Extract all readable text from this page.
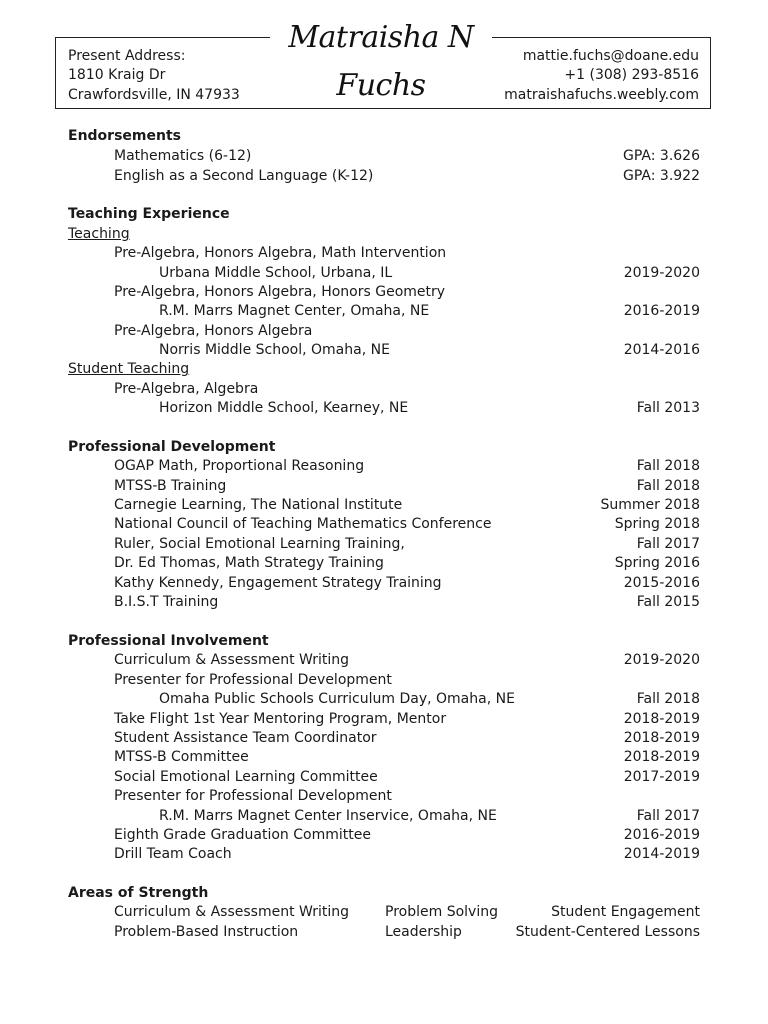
Matraisha N Fuchs
Present Address:
1810 Kraig Dr
Crawfordsville, IN 47933
mattie.fuchs@doane.edu
+1 (308) 293-8516
matraishafuchs.weebly.com
Endorsements
Mathematics (6-12)	GPA: 3.626
English as a Second Language (K-12)	GPA: 3.922
Teaching Experience
Teaching
Pre-Algebra, Honors Algebra, Math Intervention
Urbana Middle School, Urbana, IL	2019-2020
Pre-Algebra, Honors Algebra, Honors Geometry
R.M. Marrs Magnet Center, Omaha, NE	2016-2019
Pre-Algebra, Honors Algebra
Norris Middle School, Omaha, NE	2014-2016
Student Teaching
Pre-Algebra, Algebra
Horizon Middle School, Kearney, NE	Fall 2013
Professional Development
OGAP Math, Proportional Reasoning	Fall 2018
MTSS-B Training	Fall 2018
Carnegie Learning, The National Institute	Summer 2018
National Council of Teaching Mathematics Conference	Spring 2018
Ruler, Social Emotional Learning Training,	Fall 2017
Dr. Ed Thomas, Math Strategy Training	Spring 2016
Kathy Kennedy, Engagement Strategy Training	2015-2016
B.I.S.T Training	Fall 2015
Professional Involvement
Curriculum & Assessment Writing	2019-2020
Presenter for Professional Development
Omaha Public Schools Curriculum Day, Omaha, NE	Fall 2018
Take Flight 1st Year Mentoring Program, Mentor	2018-2019
Student Assistance Team Coordinator	2018-2019
MTSS-B Committee	2018-2019
Social Emotional Learning Committee	2017-2019
Presenter for Professional Development
R.M. Marrs Magnet Center Inservice, Omaha, NE	Fall 2017
Eighth Grade Graduation Committee	2016-2019
Drill Team Coach	2014-2019
Areas of Strength
Curriculum & Assessment Writing	Problem Solving	Student Engagement
Problem-Based Instruction	Leadership	Student-Centered Lessons
